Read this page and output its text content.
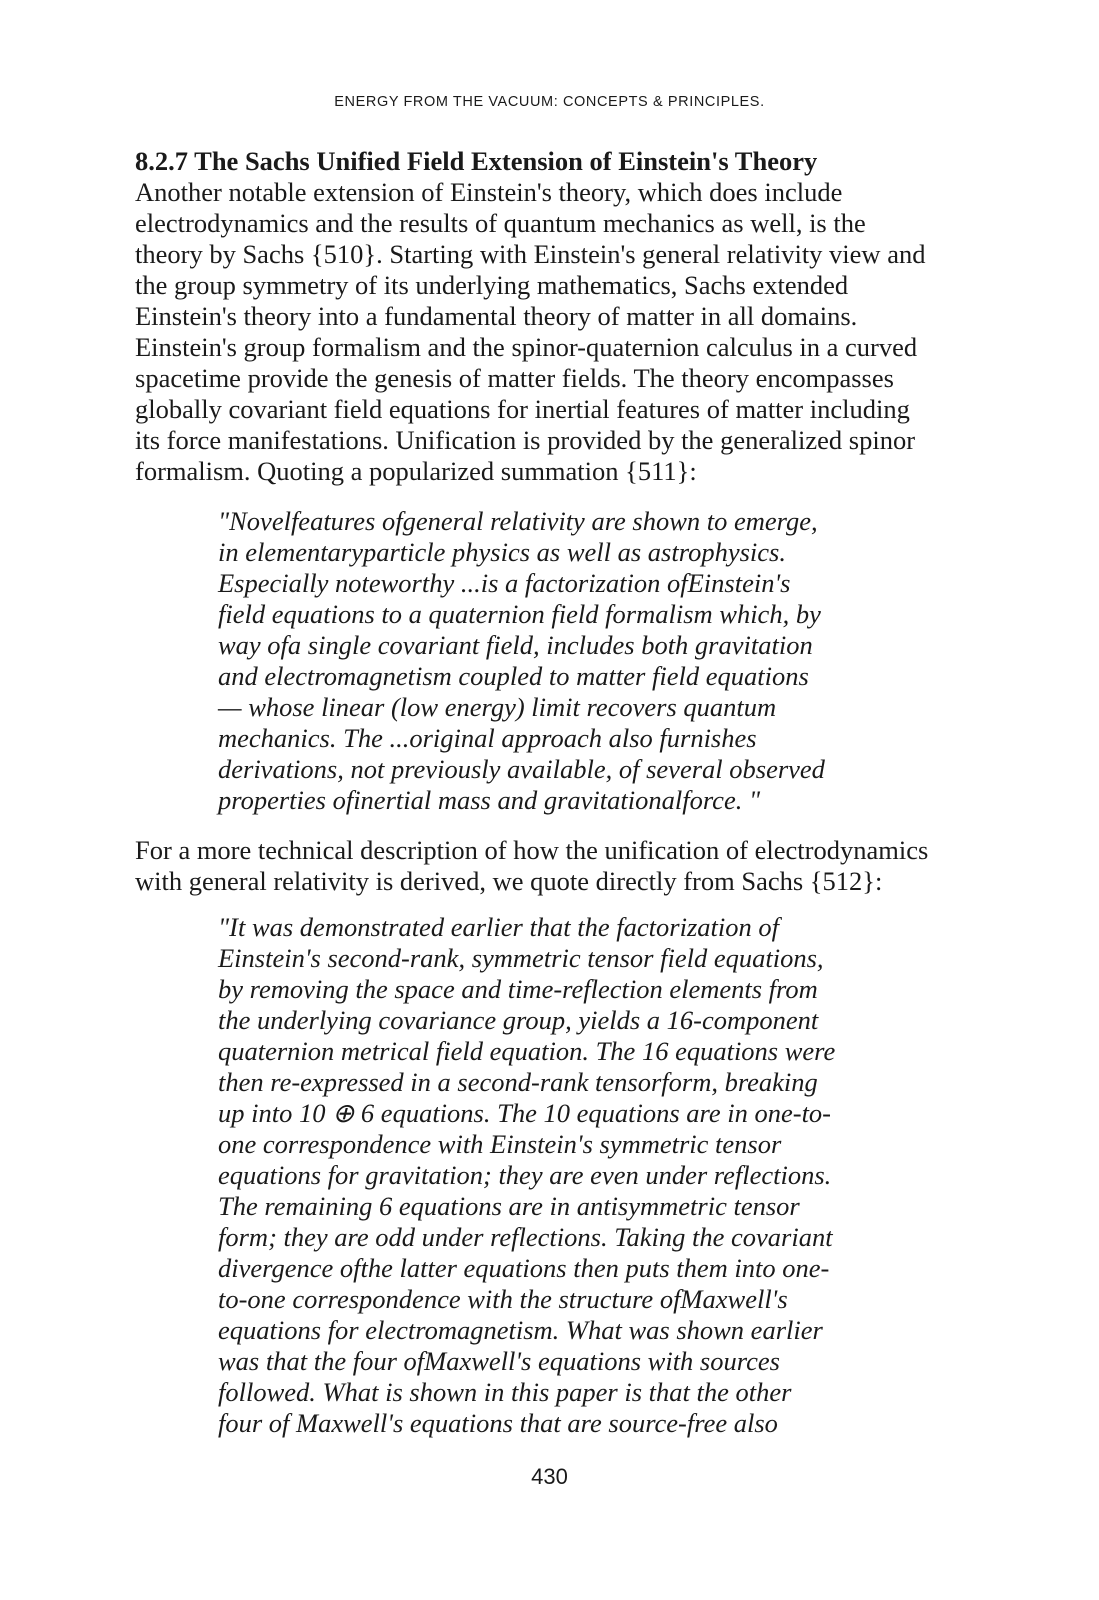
ENERGY FROM THE VACUUM: CONCEPTS & PRINCIPLES.
8.2.7 The Sachs Unified Field Extension of Einstein's Theory
Another notable extension of Einstein's theory, which does include
electrodynamics and the results of quantum mechanics as well, is the
theory by Sachs {510}. Starting with Einstein's general relativity view and
the group symmetry of its underlying mathematics, Sachs extended
Einstein's theory into a fundamental theory of matter in all domains.
Einstein's group formalism and the spinor-quaternion calculus in a curved
spacetime provide the genesis of matter fields. The theory encompasses
globally covariant field equations for inertial features of matter including
its force manifestations. Unification is provided by the generalized spinor
formalism. Quoting a popularized summation {511}:
"Novelfeatures ofgeneral relativity are shown to emerge,
in elementaryparticle physics as well as astrophysics.
Especially noteworthy ...is a factorization ofEinstein's
field equations to a quaternion field formalism which, by
way ofa single covariant field, includes both gravitation
and electromagnetism coupled to matter field equations
— whose linear (low energy) limit recovers quantum
mechanics. The ...original approach also furnishes
derivations, not previously available, of several observed
properties ofinertial mass and gravitationalforce. "
For a more technical description of how the unification of electrodynamics
with general relativity is derived, we quote directly from Sachs {512}:
"It was demonstrated earlier that the factorization of
Einstein's second-rank, symmetric tensor field equations,
by removing the space and time-reflection elements from
the underlying covariance group, yields a 16-component
quaternion metrical field equation. The 16 equations were
then re-expressed in a second-rank tensorform, breaking
up into 10 ⊕ 6 equations. The 10 equations are in one-to-
one correspondence with Einstein's symmetric tensor
equations for gravitation; they are even under reflections.
The remaining 6 equations are in antisymmetric tensor
form; they are odd under reflections. Taking the covariant
divergence ofthe latter equations then puts them into one-
to-one correspondence with the structure ofMaxwell's
equations for electromagnetism. What was shown earlier
was that the four ofMaxwell's equations with sources
followed. What is shown in this paper is that the other
four of Maxwell's equations that are source-free also
430
